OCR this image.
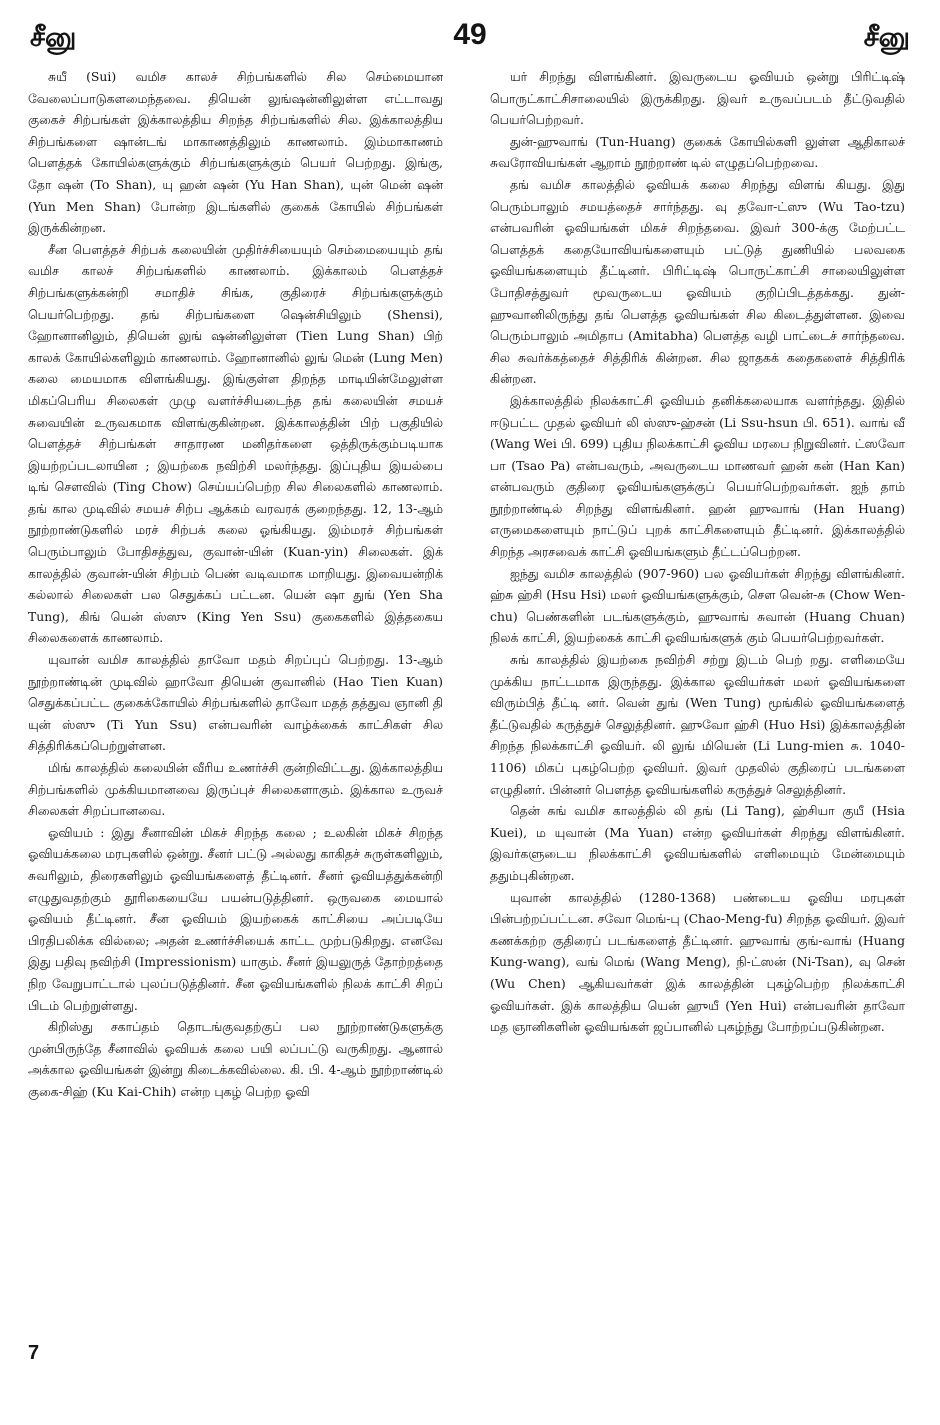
சீனு	49	சீனு

சுயீ (Sui) வமிச காலச் சிற்பங்களில் சில செம்மையான வேலைப்பாடுகளமைந்தவை. தியென் லுங்ஷன்னிலுள்ள எட்டாவது குகைச் சிற்பங்கள் இக்காலத்திய சிறந்த சிற்பங்களில் சில. இக்காலத்திய சிற்பங்களை ஷான்டங் மாகாணத்திலும் காணலாம். இம்மாகாணம் பௌத்தக் கோயில்களுக்கும் சிற்பங்களுக்கும் பெயர் பெற்றது. இங்கு, தோ ஷன் (To Shan), யு ஹன் ஷன் (Yu Han Shan), யுன் மென் ஷன் (Yun Men Shan) போன்ற இடங்களில் குகைக் கோயில் சிற்பங்கள் இருக்கின்றன.

சீன பௌத்தச் சிற்பக் கலையின் முதிர்ச்சியையும் செம்மையையும் தங் வமிச காலச் சிற்பங்களில் காணலாம். இக்காலம் பௌத்தச் சிற்பங்களுக்கன்றி சமாதிச் சிங்க, குதிரைச் சிற்பங்களுக்கும் பெயர்பெற்றது. தங் சிற்பங்களை ஷென்சியிலும் (Shensi), ஹோனானிலும், தியென் லுங் ஷன்னிலுள்ள (Tien Lung Shan) பிற் காலக் கோயில்களிலும் காணலாம். ஹோனானில் லுங் மென் (Lung Men) கலை மையமாக விளங்கியது. இங்குள்ள திறந்த மாடியின்மேலுள்ள மிகப்பெரிய சிலைகள் முழு வளர்ச்சியடைந்த தங் கலையின் சமயச் சுவையின் உருவகமாக விளங்குகின்றன. இக்காலத்தின் பிற் பகுதியில் பௌத்தச் சிற்பங்கள் சாதாரண மனிதர்களை ஒத்திருக்கும்படியாக இயற்றப்படலாயின ; இயற்கை நவிற்சி மலர்ந்தது. இப்புதிய இயல்பை டிங் சௌவில் (Ting Chow) செய்யப்பெற்ற சில சிலைகளில் காணலாம். தங் கால முடிவில் சமயச் சிற்ப ஆக்கம் வரவரக் குறைந்தது. 12, 13-ஆம் நூற்றாண்டுகளில் மரச் சிற்பக் கலை ஓங்கியது. இம்மரச் சிற்பங்கள் பெரும்பாலும் போதிசத்துவ, குவான்-யின் (Kuan-yin) சிலைகள். இக் காலத்தில் குவான்-யின் சிற்பம் பெண் வடிவமாக மாறியது. இவையன்றிக் கல்லால் சிலைகள் பல செதுக்கப் பட்டன. யென் ஷா துங் (Yen Sha Tung), கிங் யென் ஸ்ஸு (King Yen Ssu) குகைகளில் இத்தகைய சிலைகளைக் காணலாம்.

யுவான் வமிச காலத்தில் தாவோ மதம் சிறப்புப் பெற்றது. 13-ஆம் நூற்றாண்டின் முடிவில் ஹாவோ தியென் குவானில் (Hao Tien Kuan) செதுக்கப்பட்ட குகைக்கோயில் சிற்பங்களில் தாவோ மதத் தத்துவ ஞானி தி யுன் ஸ்ஸு (Ti Yun Ssu) என்பவரின் வாழ்க்கைக் காட்சிகள் சில சித்திரிக்கப்பெற்றுள்ளன.

மிங் காலத்தில் கலையின் வீரிய உணர்ச்சி குன்றிவிட்டது. இக்காலத்திய சிற்பங்களில் முக்கியமானவை இருப்புச் சிலைகளாகும். இக்கால உருவச் சிலைகள் சிறப்பானவை.

ஓவியம் : இது சீனாவின் மிகச் சிறந்த கலை ; உலகின் மிகச் சிறந்த ஓவியக்கலை மரபுகளில் ஒன்று. சீனர் பட்டு அல்லது காகிதச் சுருள்களிலும், சுவரிலும், திரைகளிலும் ஓவியங்களைத் தீட்டினர். சீனர் ஓவியத்துக்கன்றி எழுதுவதற்கும் தூரிகையையே பயன்படுத்தினர். ஒருவகை மையால் ஓவியம் தீட்டினர். சீன ஓவியம் இயற்கைக் காட்சியை அப்படியே பிரதிபலிக்க வில்லை; அதன் உணர்ச்சியைக் காட்ட முற்படுகிறது. எனவே இது பதிவு நவிற்சி (Impressionism) யாகும். சீனர் இயலுருத் தோற்றத்தை நிற வேறுபாட்டால் புலப்படுத்தினர். சீன ஓவியங்களில் நிலக் காட்சி சிறப் பிடம் பெற்றுள்ளது.

கிறிஸ்து சகாப்தம் தொடங்குவதற்குப் பல நூற்றாண்டுகளுக்கு முன்பிருந்தே சீனாவில் ஓவியக் கலை பயி லப்பட்டு வருகிறது. ஆனால் அக்கால ஓவியங்கள் இன்று கிடைக்கவில்லை. கி. பி. 4-ஆம் நூற்றாண்டில் குகை-சிஹ் (Ku Kai-Chih) என்ற புகழ் பெற்ற ஓவி

யர் சிறந்து விளங்கினர். இவருடைய ஓவியம் ஒன்று பிரிட்டிஷ் பொருட்காட்சிசாலையில் இருக்கிறது. இவர் உருவப்படம் தீட்டுவதில் பெயர்பெற்றவர்.

துன்-ஹுவாங் (Tun-Huang) குகைக் கோயில்களி லுள்ள ஆதிகாலச் சுவரோவியங்கள் ஆறாம் நூற்றாண் டில் எழுதப்பெற்றவை.

தங் வமிச காலத்தில் ஓவியக் கலை சிறந்து விளங் கியது. இது பெரும்பாலும் சமயத்தைச் சார்ந்தது. வு தவோ-ட்ஸு (Wu Tao-tzu) என்பவரின் ஓவியங்கள் மிகச் சிறந்தவை. இவர் 300-க்கு மேற்பட்ட பௌத்தக் கதையோவியங்களையும் பட்டுத் துணியில் பலவகை ஓவியங்களையும் தீட்டினர். பிரிட்டிஷ் பொருட்காட்சி சாலையிலுள்ள போதிசத்துவர் மூவருடைய ஓவியம் குறிப்பிடத்தக்கது. துன்-ஹுவானிலிருந்து தங் பௌத்த ஓவியங்கள் சில கிடைத்துள்ளன. இவை பெரும்பாலும் அமிதாப (Amitabha) பௌத்த வழி பாட்டைச் சார்ந்தவை. சில சுவர்க்கத்தைச் சித்திரிக் கின்றன. சில ஜாதகக் கதைகளைச் சித்திரிக் கின்றன.

இக்காலத்தில் நிலக்காட்சி ஓவியம் தனிக்கலையாக வளர்ந்தது. இதில் ஈடுபட்ட முதல் ஓவியர் லி ஸ்ஸு-ஹ்சன் (Li Ssu-hsun பி. 651). வாங் வீ (Wang Wei பி. 699) புதிய நிலக்காட்சி ஓவிய மரபை நிறுவினர். ட்ஸவோ பா (Tsao Pa) என்பவரும், அவருடைய மாணவர் ஹன் கன் (Han Kan) என்பவரும் குதிரை ஓவியங்களுக்குப் பெயர்பெற்றவர்கள். ஐந் தாம் நூற்றாண்டில் சிறந்து விளங்கினர். ஹன் ஹுவாங் (Han Huang) எருமைகளையும் நாட்டுப் புறக் காட்சிகளையும் தீட்டினர். இக்காலத்தில் சிறந்த அரசவைக் காட்சி ஓவியங்களும் தீட்டப்பெற்றன.

ஐந்து வமிச காலத்தில் (907-960) பல ஓவியர்கள் சிறந்து விளங்கினர். ஹ்சு ஹ்சி (Hsu Hsi) மலர் ஓவியங்களுக்கும், சௌ வென்-சு (Chow Wen-chu) பெண்களின் படங்களுக்கும், ஹுவாங் சுவான் (Huang Chuan) நிலக் காட்சி, இயற்கைக் காட்சி ஓவியங்களுக் கும் பெயர்பெற்றவர்கள்.

சுங் காலத்தில் இயற்கை நவிற்சி சற்று இடம் பெற் றது. எளிமையே முக்கிய நாட்டமாக இருந்தது. இக்கால ஓவியர்கள் மலர் ஓவியங்களை விரும்பித் தீட்டி னர். வென் துங் (Wen Tung) மூங்கில் ஓவியங்களைத் தீட்டுவதில் கருத்துச் செலுத்தினர். ஹுவோ ஹ்சி (Huo Hsi) இக்காலத்தின் சிறந்த நிலக்காட்சி ஓவியர். லி லுங் மியென் (Li Lung-mien சு. 1040-1106) மிகப் புகழ்பெற்ற ஓவியர். இவர் முதலில் குதிரைப் படங்களை எழுதினர். பின்னர் பௌத்த ஓவியங்களில் கருத்துச் செலுத்தினர்.

தென் சுங் வமிச காலத்தில் லி தங் (Li Tang), ஹ்சியா குயீ (Hsia Kuei), ம யுவான் (Ma Yuan) என்ற ஓவியர்கள் சிறந்து விளங்கினர். இவர்களுடைய நிலக்காட்சி ஓவியங்களில் எளிமையும் மேன்மையும் ததும்புகின்றன.

யுவான் காலத்தில் (1280-1368) பண்டைய ஓவிய மரபுகள் பின்பற்றப்பட்டன. சவோ மெங்-பு (Chao-Meng-fu) சிறந்த ஓவியர். இவர் கணக்கற்ற குதிரைப் படங்களைத் தீட்டினர். ஹுவாங் குங்-வாங் (Huang Kung-wang), வங் மெங் (Wang Meng), நி-ட்ஸன் (Ni-Tsan), வு சென் (Wu Chen) ஆகியவர்கள் இக் காலத்தின் புகழ்பெற்ற நிலக்காட்சி ஓவியர்கள். இக் காலத்திய யென் ஹுயீ (Yen Hui) என்பவரின் தாவோ மத ஞானிகளின் ஓவியங்கள் ஜப்பானில் புகழ்ந்து போற்றப்படுகின்றன.

7
